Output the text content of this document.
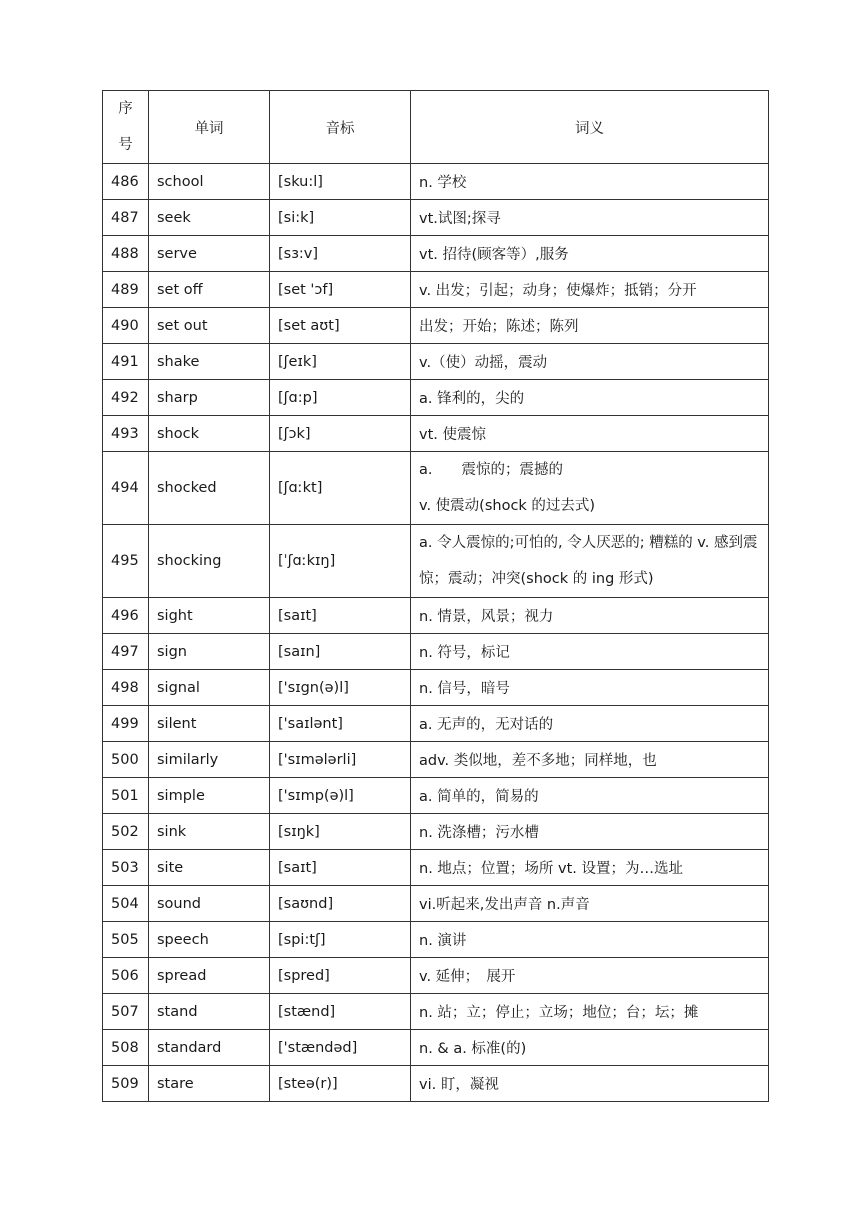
序
号	单词	音标	词义
486	school	[sku:l]	n. 学校
487	seek	[si:k]	vt.试图;探寻
488	serve	[sɜ:v]	vt. 招待(顾客等）,服务
489	set off	[set 'ɔf]	v. 出发；引起；动身；使爆炸；抵销；分开
490	set out	[set aʊt]	出发；开始；陈述；陈列
491	shake	[ʃeɪk]	v.（使）动摇，震动
492	sharp	[ʃɑ:p]	a. 锋利的，尖的
493	shock	[ʃɔk]	vt. 使震惊
494	shocked	[ʃɑːkt]	a.　　震惊的；震撼的
v. 使震动(shock 的过去式)

495	shocking	[ˈʃɑːkɪŋ]	a. 令人震惊的;可怕的, 令人厌恶的; 糟糕的 v. 感到震惊；震动；冲突(shock 的 ing 形式)
496	sight	[saɪt]	n. 情景，风景；视力
497	sign	[saɪn]	n. 符号，标记
498	signal	['sɪgn(ə)l]	n. 信号，暗号
499	silent	['saɪlənt]	a. 无声的，无对话的
500	similarly	['sɪmələrli]	adv. 类似地，差不多地；同样地，也
501	simple	['sɪmp(ə)l]	a. 简单的，简易的
502	sink	[sɪŋk]	n. 洗涤槽；污水槽
503	site	[saɪt]	n. 地点；位置；场所 vt. 设置；为…选址
504	sound	[saʊnd]	vi.听起来,发出声音 n.声音
505	speech	[spi:tʃ]	n. 演讲
506	spread	[spred]	v. 延伸；　展开
507	stand	[stænd]	n. 站；立；停止；立场；地位；台；坛；摊
508	standard	['stændəd]	n. & a. 标准(的)
509	stare	[steə(r)]	vi. 盯，凝视
